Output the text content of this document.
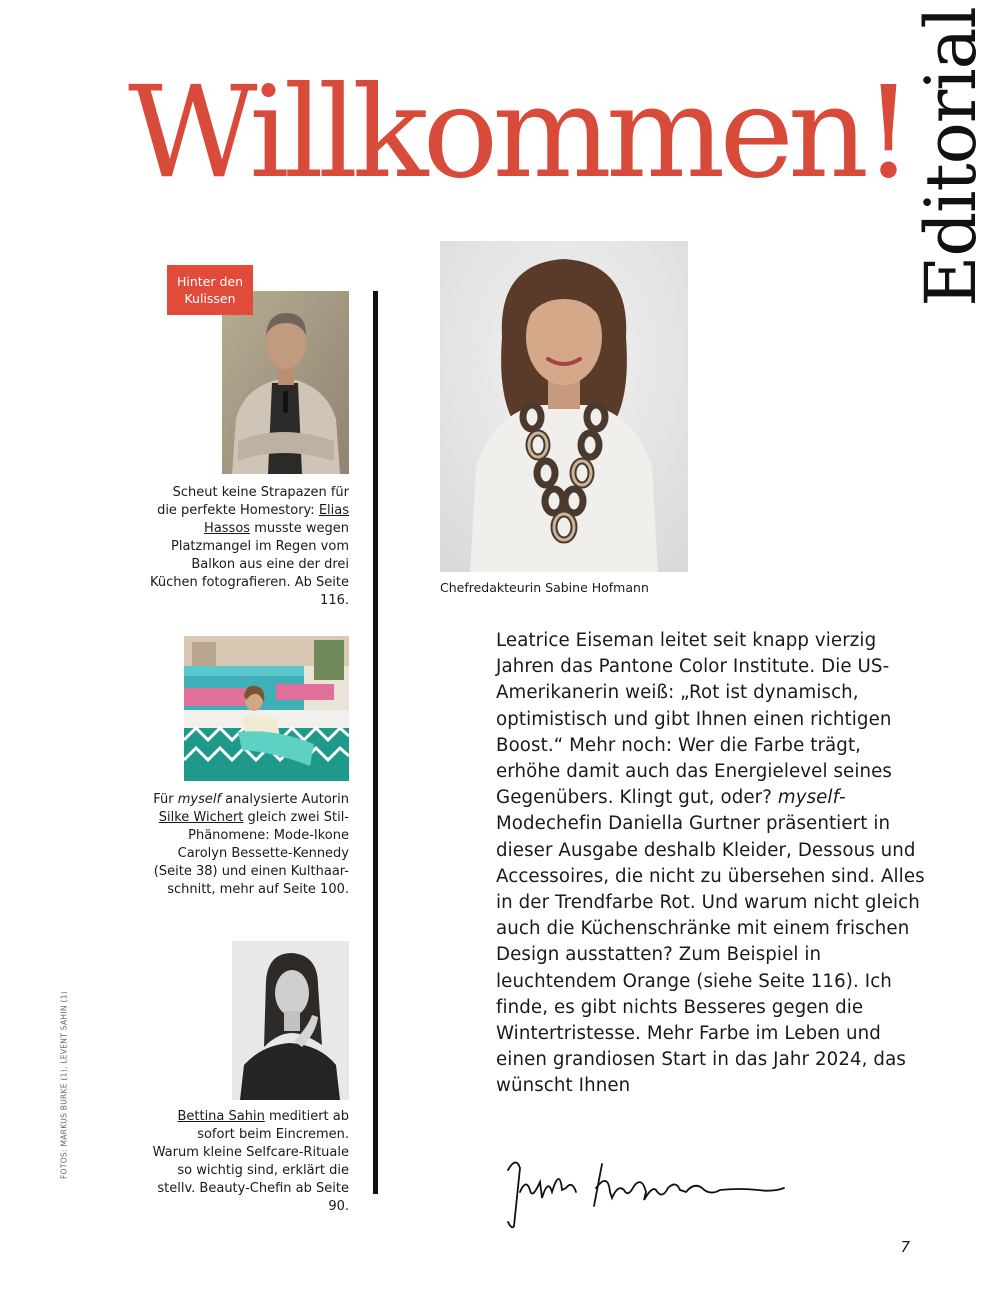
Willkommen! Editorial
Hinter den Kulissen
Scheut keine Strapazen für die perfekte Homestory: Elias Hassos musste wegen Platzmangel im Regen vom Balkon aus eine der drei Küchen fotografieren. Ab Seite 116.
Für myself analysierte Autorin Silke Wichert gleich zwei Stil-Phänomene: Mode-Ikone Carolyn Bessette-Kennedy (Seite 38) und einen Kulthaar-schnitt, mehr auf Seite 100.
Bettina Sahin meditiert ab sofort beim Eincremen. Warum kleine Selfcare-Rituale so wichtig sind, erklärt die stellv. Beauty-Chefin ab Seite 90.
FOTOS: MARKUS BURKE (1), LEVENT SAHIN (1)
Chefredakteurin Sabine Hofmann
Leatrice Eiseman leitet seit knapp vierzig Jahren das Pantone Color Institute. Die US-Amerikanerin weiß: „Rot ist dynamisch, optimistisch und gibt Ihnen einen richtigen Boost.“ Mehr noch: Wer die Farbe trägt, erhöhe damit auch das Energielevel seines Gegenübers. Klingt gut, oder? myself-Modechefin Daniella Gurtner präsentiert in dieser Ausgabe deshalb Kleider, Dessous und Accessoires, die nicht zu übersehen sind. Alles in der Trendfarbe Rot. Und warum nicht gleich auch die Küchenschränke mit einem frischen Design ausstatten? Zum Beispiel in leuchtendem Orange (siehe Seite 116). Ich finde, es gibt nichts Besseres gegen die Wintertristesse. Mehr Farbe im Leben und einen grandiosen Start in das Jahr 2024, das wünscht Ihnen
7
